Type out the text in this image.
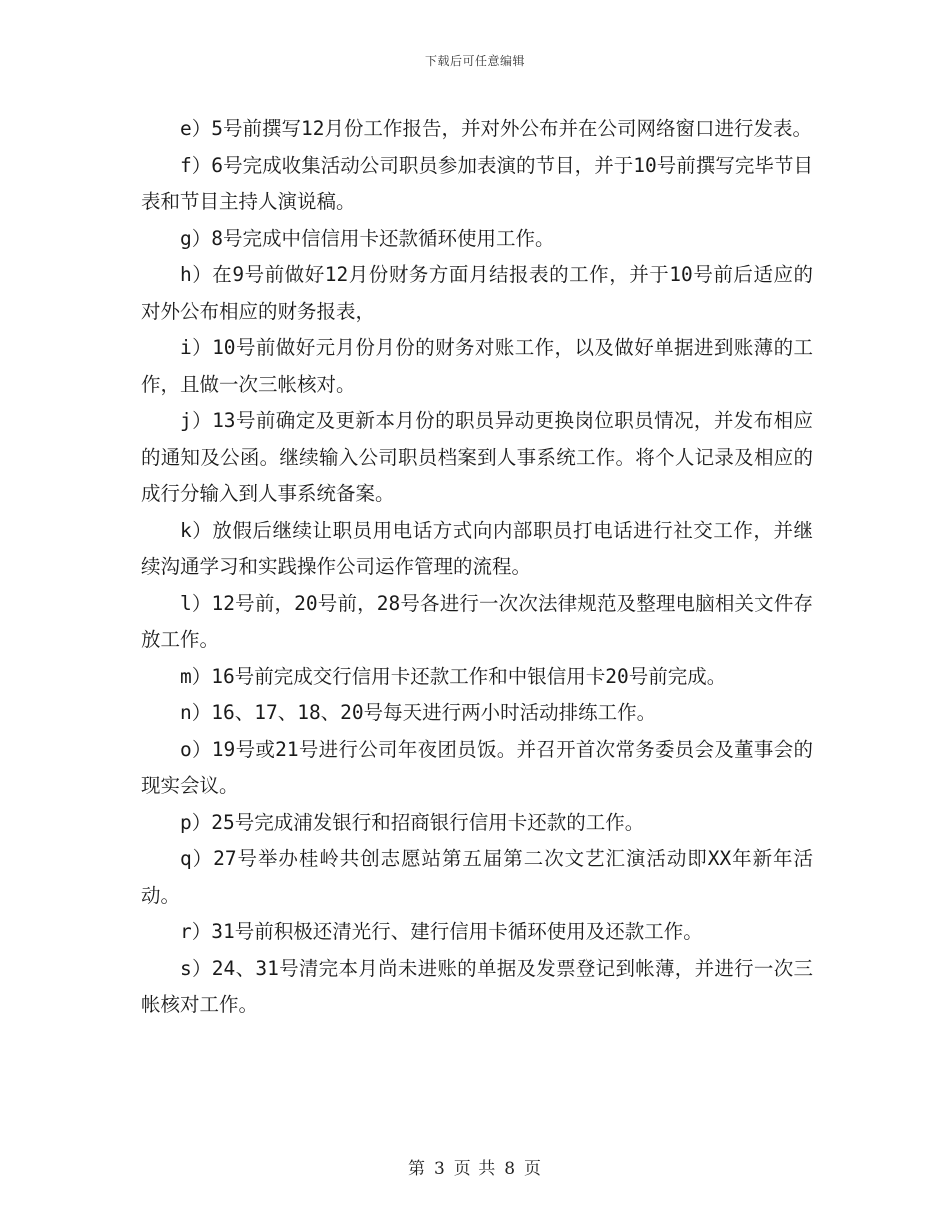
下载后可任意编辑

e）5号前撰写12月份工作报告，并对外公布并在公司网络窗口进行发表。

f）6号完成收集活动公司职员参加表演的节目，并于10号前撰写完毕节目表和节目主持人演说稿。

g）8号完成中信信用卡还款循环使用工作。

h）在9号前做好12月份财务方面月结报表的工作，并于10号前后适应的对外公布相应的财务报表，

i）10号前做好元月份月份的财务对账工作，以及做好单据进到账薄的工作，且做一次三帐核对。

j）13号前确定及更新本月份的职员异动更换岗位职员情况，并发布相应的通知及公函。继续输入公司职员档案到人事系统工作。将个人记录及相应的成行分输入到人事系统备案。

k）放假后继续让职员用电话方式向内部职员打电话进行社交工作，并继续沟通学习和实践操作公司运作管理的流程。

l）12号前，20号前，28号各进行一次次法律规范及整理电脑相关文件存放工作。

m）16号前完成交行信用卡还款工作和中银信用卡20号前完成。

n）16、17、18、20号每天进行两小时活动排练工作。

o）19号或21号进行公司年夜团员饭。并召开首次常务委员会及董事会的现实会议。

p）25号完成浦发银行和招商银行信用卡还款的工作。

q）27号举办桂岭共创志愿站第五届第二次文艺汇演活动即XX年新年活动。

r）31号前积极还清光行、建行信用卡循环使用及还款工作。

s）24、31号清完本月尚未进账的单据及发票登记到帐薄，并进行一次三帐核对工作。

第 3 页 共 8 页
